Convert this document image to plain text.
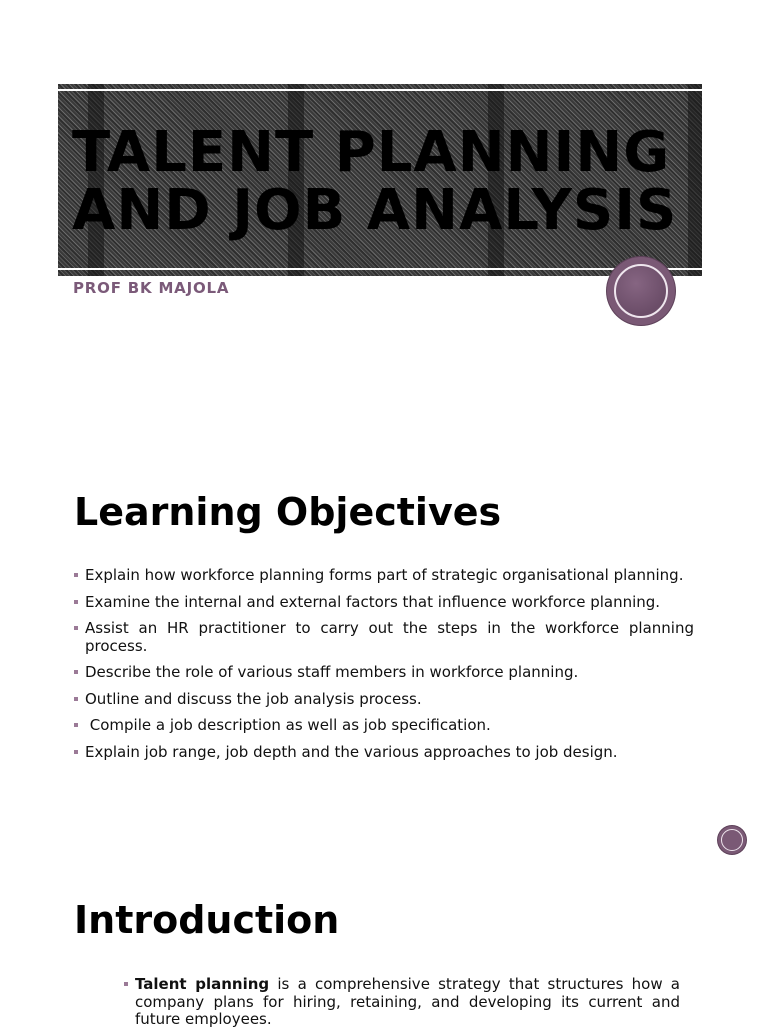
TALENT PLANNING AND JOB ANALYSIS

PROF BK MAJOLA

Learning Objectives
Explain how workforce planning forms part of strategic organisational planning.
Examine the internal and external factors that influence workforce planning.
Assist an HR practitioner to carry out the steps in the workforce planning process.
Describe the role of various staff members in workforce planning.
Outline and discuss the job analysis process.
Compile a job description as well as job specification.
Explain job range, job depth and the various approaches to job design.
Introduction
Talent planning is a comprehensive strategy that structures how a company plans for hiring, retaining, and developing its current and future employees.
